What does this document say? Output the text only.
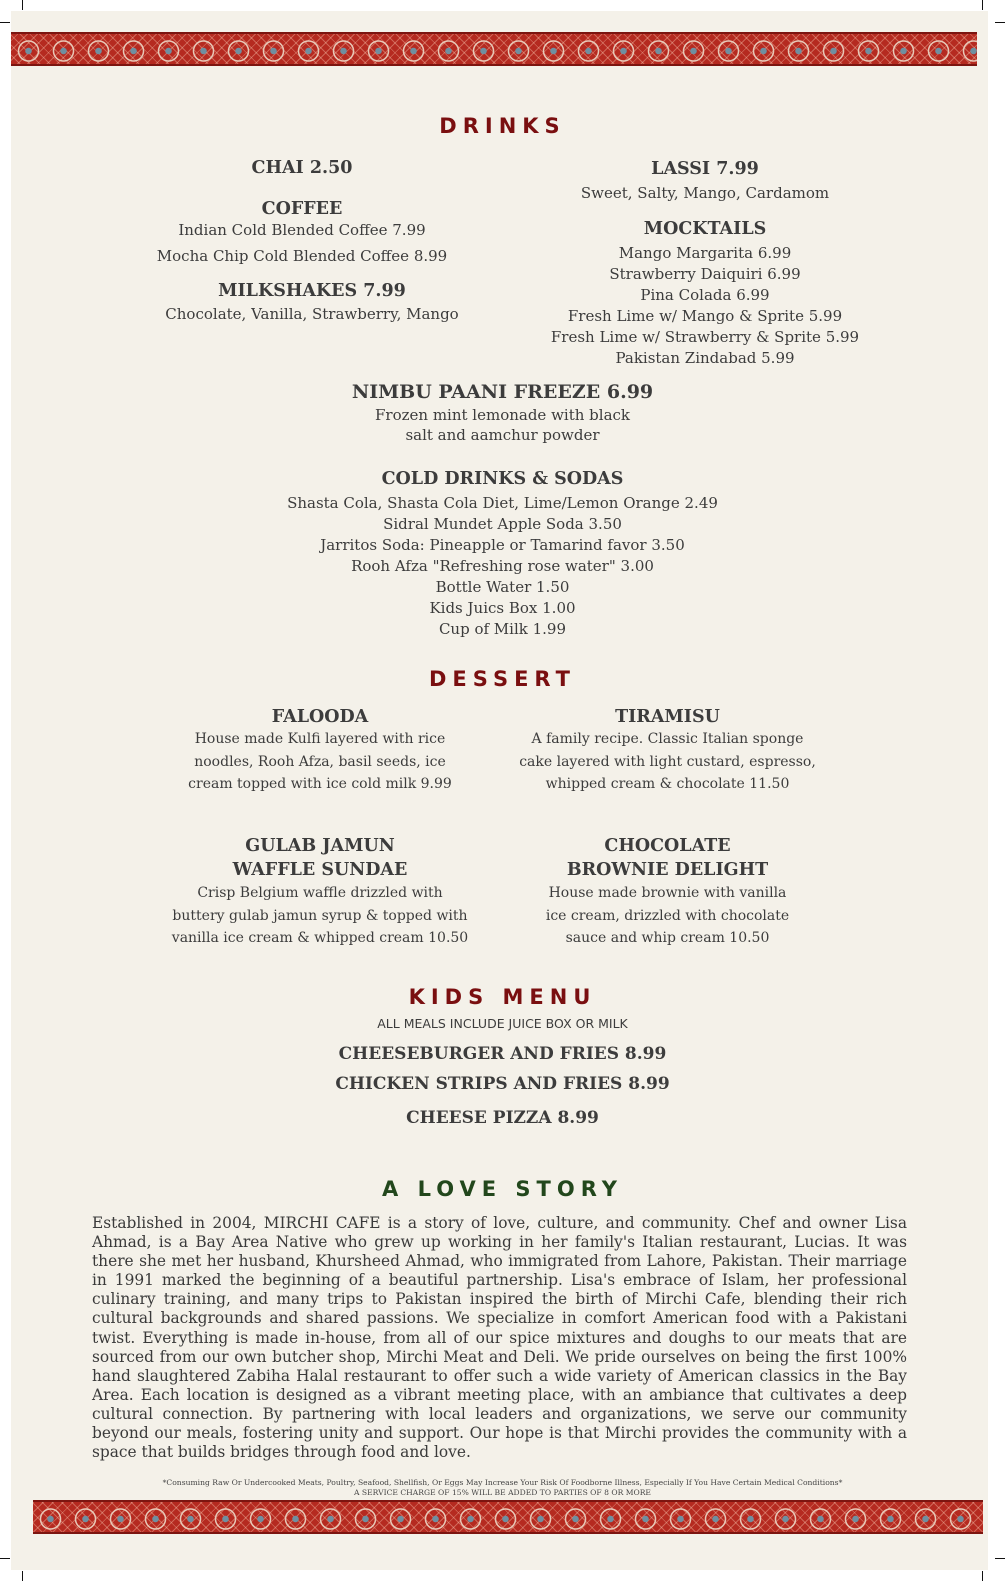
DRINKS
CHAI 2.50
COFFEE
Indian Cold Blended Coffee 7.99
Mocha Chip Cold Blended Coffee 8.99
MILKSHAKES 7.99
Chocolate, Vanilla, Strawberry, Mango
LASSI 7.99
Sweet, Salty, Mango, Cardamom
MOCKTAILS
Mango Margarita 6.99
Strawberry Daiquiri 6.99
Pina Colada 6.99
Fresh Lime w/ Mango & Sprite 5.99
Fresh Lime w/ Strawberry & Sprite 5.99
Pakistan Zindabad 5.99
NIMBU PAANI FREEZE 6.99
Frozen mint lemonade with black
salt and aamchur powder
COLD DRINKS & SODAS
Shasta Cola, Shasta Cola Diet, Lime/Lemon Orange 2.49
Sidral Mundet Apple Soda 3.50
Jarritos Soda: Pineapple or Tamarind favor 3.50
Rooh Afza "Refreshing rose water" 3.00
Bottle Water 1.50
Kids Juics Box 1.00
Cup of Milk 1.99
DESSERT
FALOODA
House made Kulfi layered with rice
noodles, Rooh Afza, basil seeds, ice
cream topped with ice cold milk 9.99
TIRAMISU
A family recipe. Classic Italian sponge
cake layered with light custard, espresso,
whipped cream & chocolate 11.50
GULAB JAMUN
WAFFLE SUNDAE
Crisp Belgium waffle drizzled with
buttery gulab jamun syrup & topped with
vanilla ice cream & whipped cream 10.50
CHOCOLATE
BROWNIE DELIGHT
House made brownie with vanilla
ice cream, drizzled with chocolate
sauce and whip cream 10.50
KIDS MENU
ALL MEALS INCLUDE JUICE BOX OR MILK
CHEESEBURGER AND FRIES 8.99
CHICKEN STRIPS AND FRIES 8.99
CHEESE PIZZA 8.99
A LOVE STORY
Established in 2004, MIRCHI CAFE is a story of love, culture, and community. Chef and owner Lisa Ahmad, is a Bay Area Native who grew up working in her family's Italian restaurant, Lucias. It was there she met her husband, Khursheed Ahmad, who immigrated from Lahore, Pakistan. Their marriage in 1991 marked the beginning of a beautiful partnership. Lisa's embrace of Islam, her professional culinary training, and many trips to Pakistan inspired the birth of Mirchi Cafe, blending their rich cultural backgrounds and shared passions. We specialize in comfort American food with a Pakistani twist. Everything is made in-house, from all of our spice mixtures and doughs to our meats that are sourced from our own butcher shop, Mirchi Meat and Deli. We pride ourselves on being the first 100% hand slaughtered Zabiha Halal restaurant to offer such a wide variety of American classics in the Bay Area. Each location is designed as a vibrant meeting place, with an ambiance that cultivates a deep cultural connection. By partnering with local leaders and organizations, we serve our community beyond our meals, fostering unity and support. Our hope is that Mirchi provides the community with a space that builds bridges through food and love.
*Consuming Raw Or Undercooked Meats, Poultry, Seafood, Shellfish, Or Eggs May Increase Your Risk Of Foodborne Illness, Especially If You Have Certain Medical Conditions*
A SERVICE CHARGE OF 15% WILL BE ADDED TO PARTIES OF 8 OR MORE
